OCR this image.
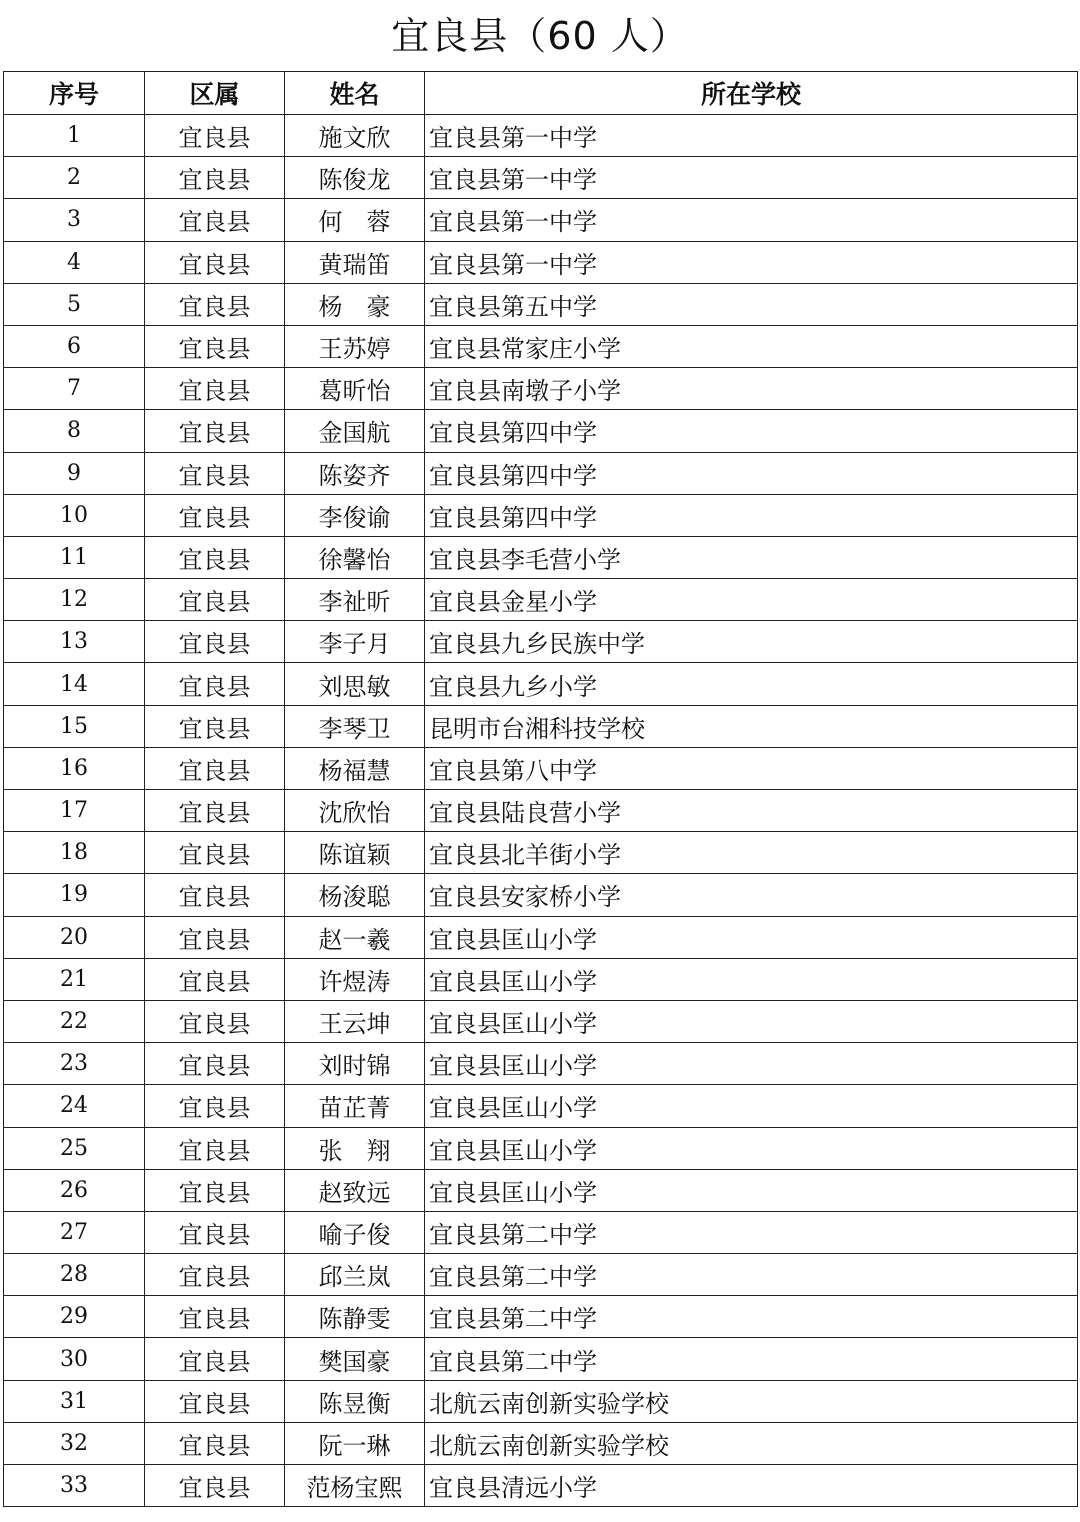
宜良县（60 人）
序号	区属	姓名	所在学校
1	宜良县	施文欣	宜良县第一中学
2	宜良县	陈俊龙	宜良县第一中学
3	宜良县	何　蓉	宜良县第一中学
4	宜良县	黄瑞笛	宜良县第一中学
5	宜良县	杨　豪	宜良县第五中学
6	宜良县	王苏婷	宜良县常家庄小学
7	宜良县	葛昕怡	宜良县南墩子小学
8	宜良县	金国航	宜良县第四中学
9	宜良县	陈姿齐	宜良县第四中学
10	宜良县	李俊谕	宜良县第四中学
11	宜良县	徐馨怡	宜良县李毛营小学
12	宜良县	李祉昕	宜良县金星小学
13	宜良县	李子月	宜良县九乡民族中学
14	宜良县	刘思敏	宜良县九乡小学
15	宜良县	李琴卫	昆明市台湘科技学校
16	宜良县	杨福慧	宜良县第八中学
17	宜良县	沈欣怡	宜良县陆良营小学
18	宜良县	陈谊颖	宜良县北羊街小学
19	宜良县	杨浚聪	宜良县安家桥小学
20	宜良县	赵一羲	宜良县匡山小学
21	宜良县	许煜涛	宜良县匡山小学
22	宜良县	王云坤	宜良县匡山小学
23	宜良县	刘时锦	宜良县匡山小学
24	宜良县	苗芷菁	宜良县匡山小学
25	宜良县	张　翔	宜良县匡山小学
26	宜良县	赵致远	宜良县匡山小学
27	宜良县	喻子俊	宜良县第二中学
28	宜良县	邱兰岚	宜良县第二中学
29	宜良县	陈静雯	宜良县第二中学
30	宜良县	樊国豪	宜良县第二中学
31	宜良县	陈昱衡	北航云南创新实验学校
32	宜良县	阮一琳	北航云南创新实验学校
33	宜良县	范杨宝熙	宜良县清远小学
